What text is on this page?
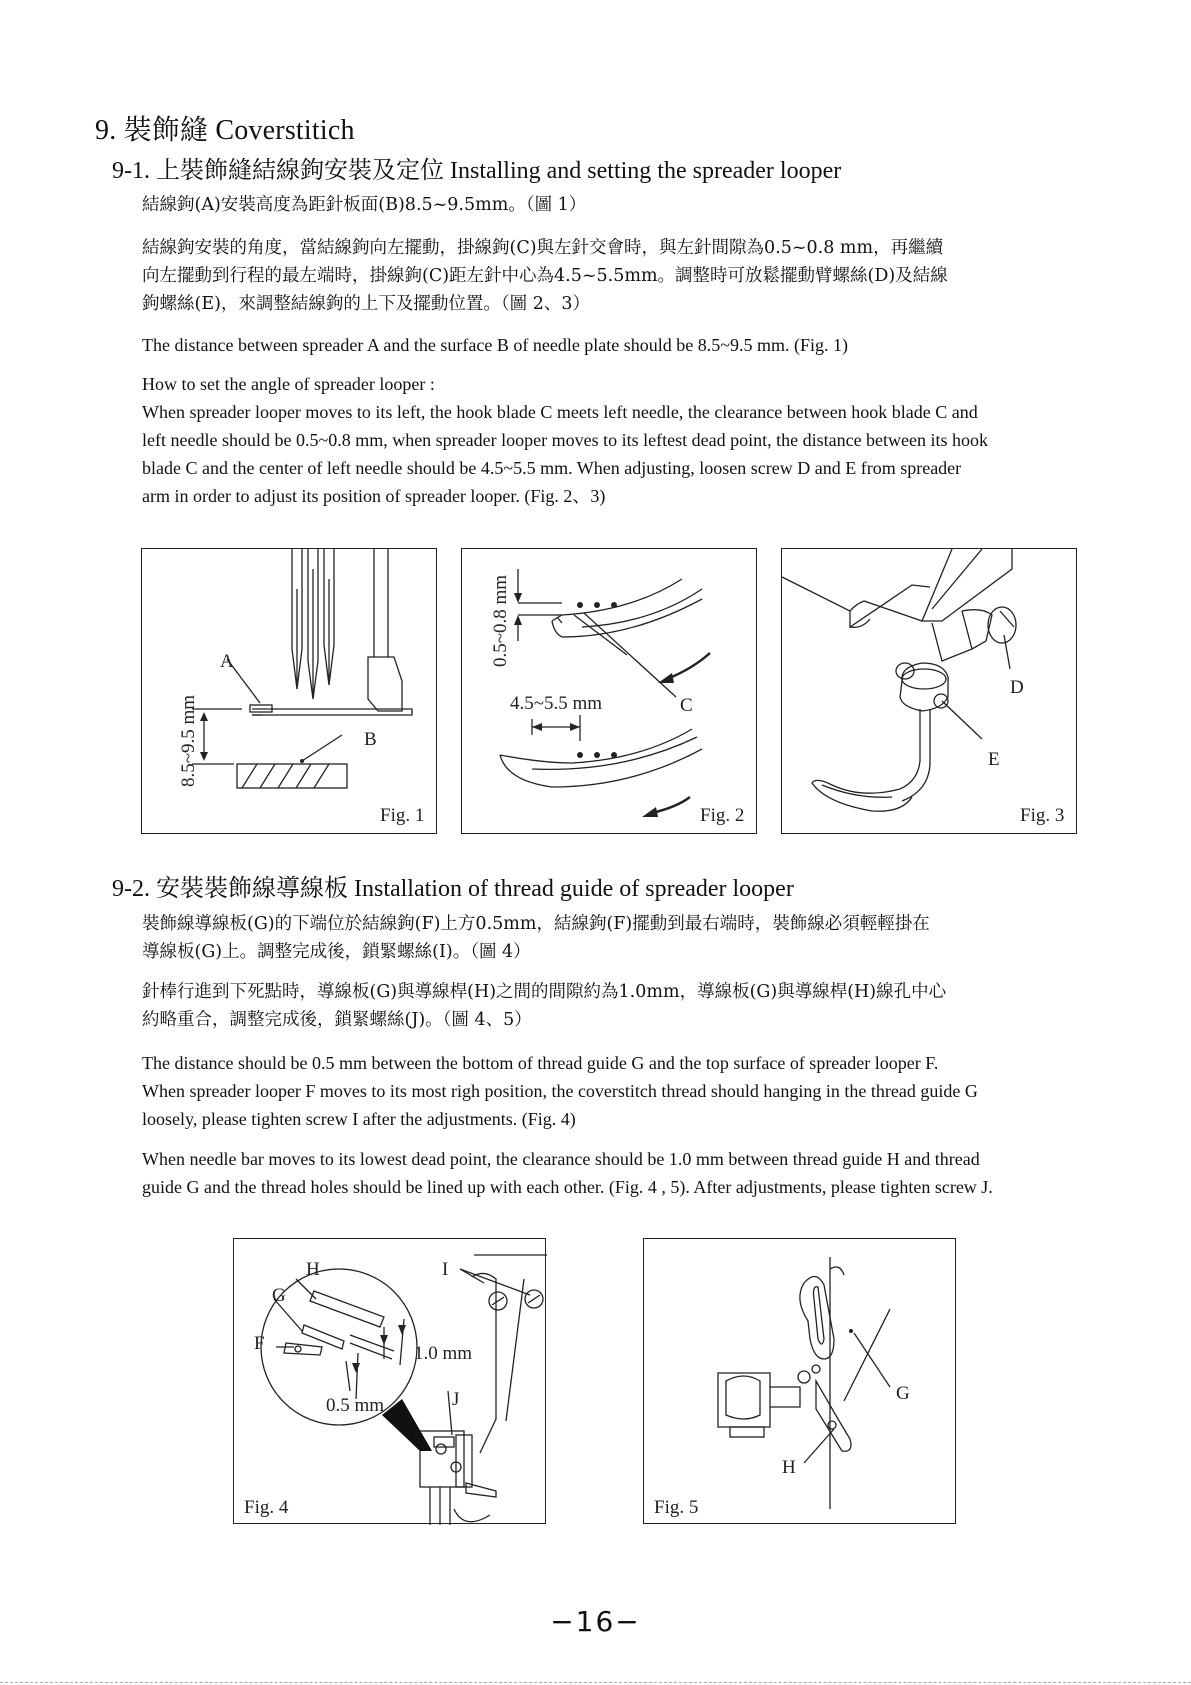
9. 裝飾縫 Coverstitich
9-1. 上裝飾縫結線鉤安裝及定位 Installing and setting the spreader looper
結線鉤(A)安裝高度為距針板面(B)8.5~9.5mm。（圖 1）
結線鉤安裝的角度，當結線鉤向左擺動，掛線鉤(C)與左針交會時，與左針間隙為0.5~0.8 mm，再繼續
向左擺動到行程的最左端時，掛線鉤(C)距左針中心為4.5~5.5mm。調整時可放鬆擺動臂螺絲(D)及結線
鉤螺絲(E)，來調整結線鉤的上下及擺動位置。（圖 2、3）
The distance between spreader A and the surface B of needle plate should be 8.5~9.5 mm. (Fig. 1)
How to set the angle of spreader looper :
When spreader looper moves to its left, the hook blade C meets left needle, the clearance between hook blade C and
left needle should be 0.5~0.8 mm, when spreader looper moves to its leftest dead point, the distance between its hook
blade C and the center of left needle should be 4.5~5.5 mm. When adjusting, loosen screw D and E from spreader
arm in order to adjust its position of spreader looper. (Fig. 2、3)
A
B
8.5~9.5 mm
Fig. 1
0.5~0.8 mm
4.5~5.5 mm	C
Fig. 2
D
E
Fig. 3
9-2. 安裝裝飾線導線板 Installation of thread guide of spreader looper
裝飾線導線板(G)的下端位於結線鉤(F)上方0.5mm，結線鉤(F)擺動到最右端時，裝飾線必須輕輕掛在
導線板(G)上。調整完成後，鎖緊螺絲(I)。（圖 4）
針棒行進到下死點時，導線板(G)與導線桿(H)之間的間隙約為1.0mm，導線板(G)與導線桿(H)線孔中心
約略重合，調整完成後，鎖緊螺絲(J)。（圖 4、5）
The distance should be 0.5 mm between the bottom of thread guide G and the top surface of spreader looper F.
When spreader looper F moves to its most righ position, the coverstitch thread should hanging in the thread guide G
loosely, please tighten screw I after the adjustments. (Fig. 4)
When needle bar moves to its lowest dead point, the clearance should be 1.0 mm between thread guide H and thread
guide G and the thread holes should be lined up with each other. (Fig. 4 , 5). After adjustments, please tighten screw J.
H
G
F
I
J
1.0 mm
0.5 mm
Fig. 4
G
H
Fig. 5
−16−
